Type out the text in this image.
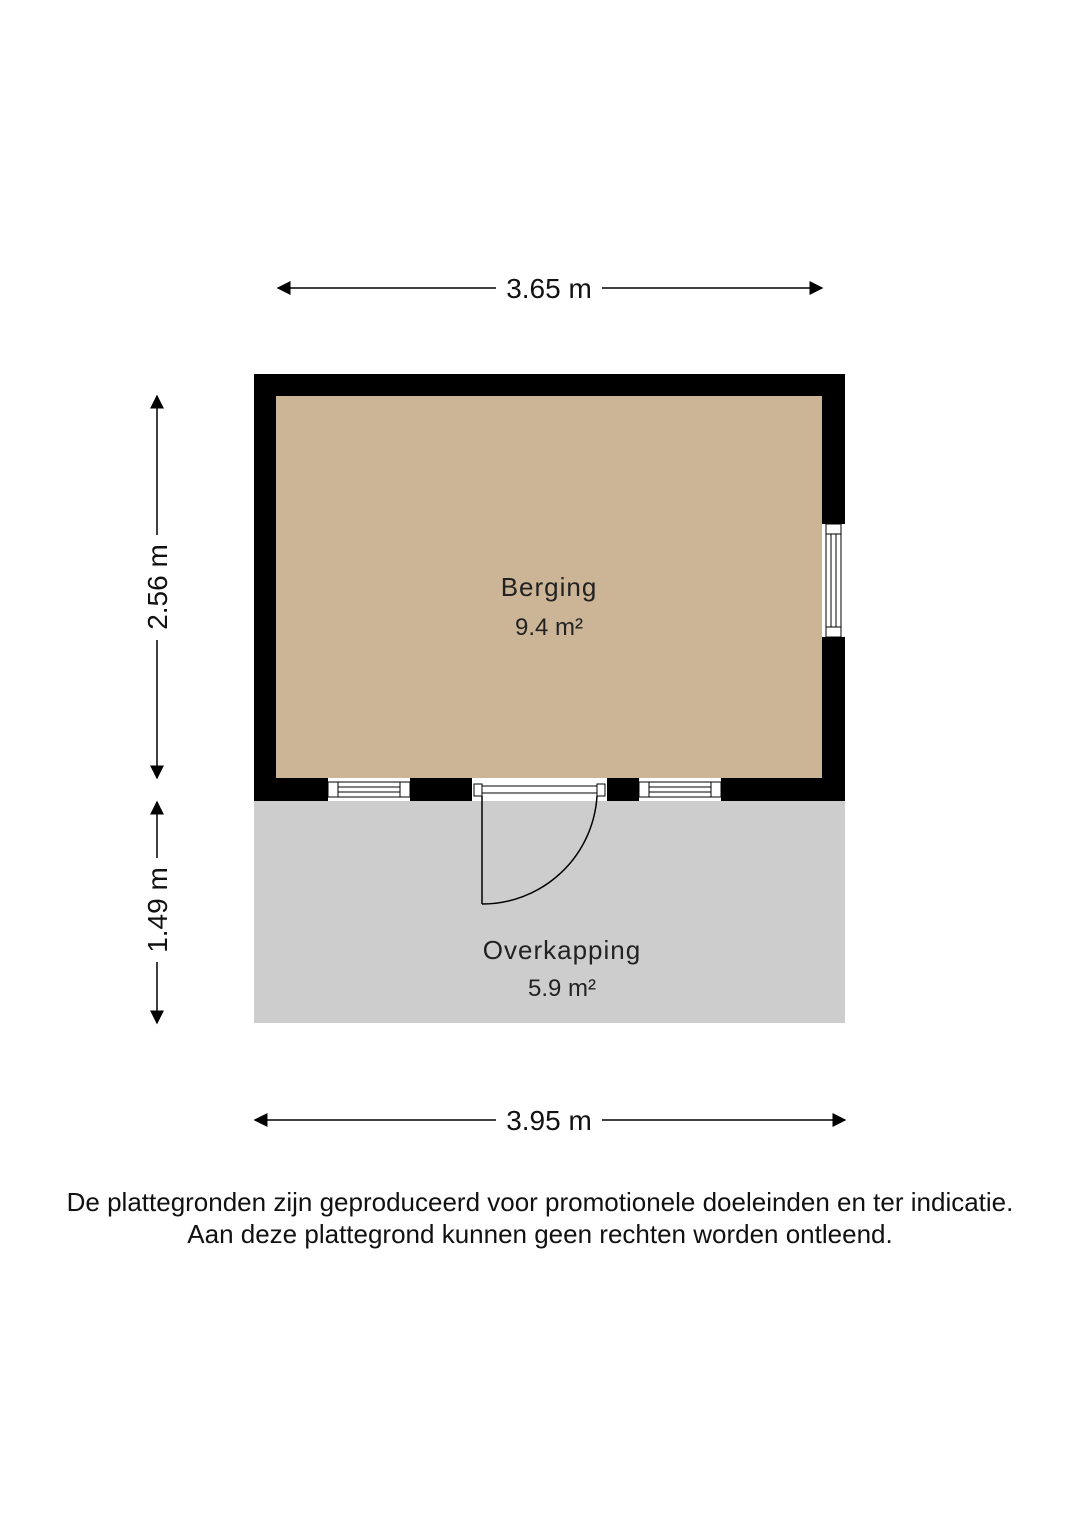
Berging
9.4 m²
Overkapping
5.9 m²
3.65 m
3.95 m
2.56 m
1.49 m
De plattegronden zijn geproduceerd voor promotionele doeleinden en ter indicatie.
Aan deze plattegrond kunnen geen rechten worden ontleend.
